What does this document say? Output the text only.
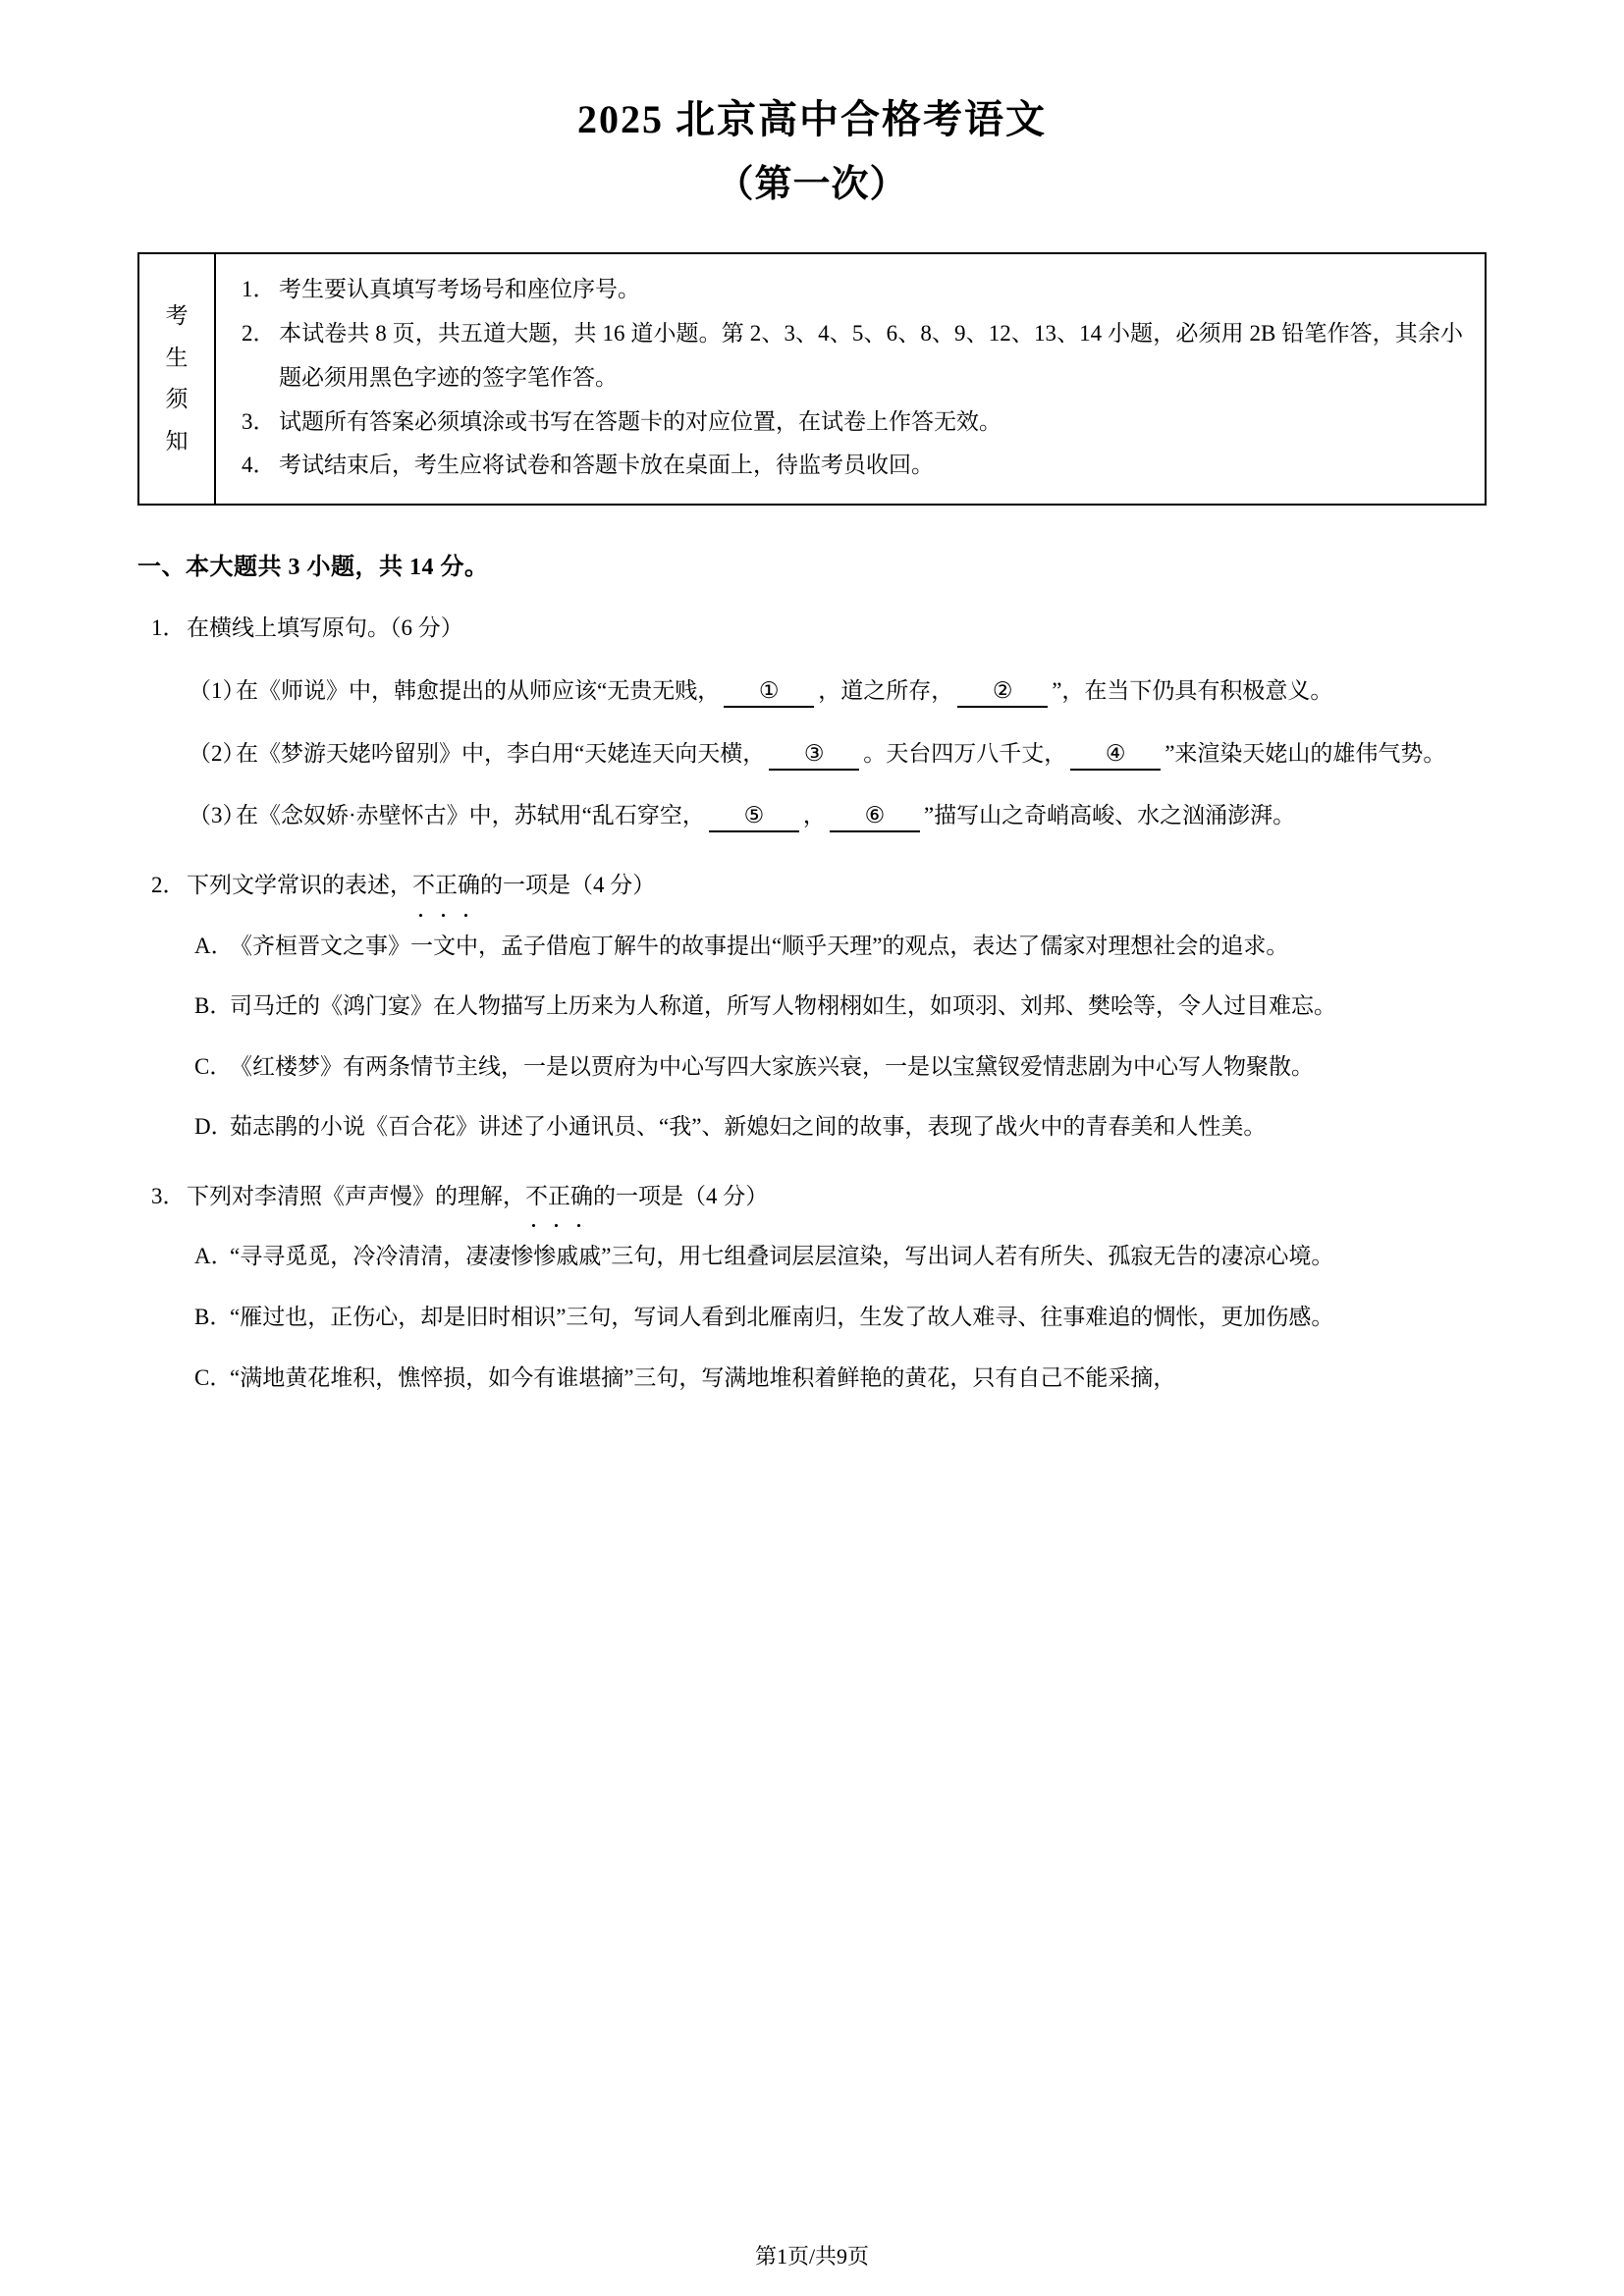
2025 北京高中合格考语文
（第一次）
考
生
须
知
1． 考生要认真填写考场号和座位序号。
2． 本试卷共 8 页，共五道大题，共 16 道小题。第 2、3、4、5、6、8、9、12、13、14 小题，必须用 2B 铅笔作答，其余小题必须用黑色字迹的签字笔作答。
3． 试题所有答案必须填涂或书写在答题卡的对应位置，在试卷上作答无效。
4． 考试结束后，考生应将试卷和答题卡放在桌面上，待监考员收回。
一、本大题共 3 小题，共 14 分。
1． 在横线上填写原句。（6 分）
（1）
在《师说》中，韩愈提出的从师应该“无贵无贱， ① ，道之所存， ② ”，在当下仍具有积极意义。
（2）
在《梦游天姥吟留别》中，李白用“天姥连天向天横， ③ 。天台四万八千丈， ④ ”来渲染天姥山的雄伟气势。
（3）
在《念奴娇·赤壁怀古》中，苏轼用“乱石穿空， ⑤ ， ⑥ ”描写山之奇峭高峻、水之汹涌澎湃。
2． 下列文学常识的表述，不正确 ・・・的一项是（4 分）
A．
《齐桓晋文之事》一文中，孟子借庖丁解牛的故事提出“顺乎天理”的观点，表达了儒家对理想社会的追求。
B．
司马迁的《鸿门宴》在人物描写上历来为人称道，所写人物栩栩如生，如项羽、刘邦、樊哙等，令人过目难忘。
C．
《红楼梦》有两条情节主线，一是以贾府为中心写四大家族兴衰，一是以宝黛钗爱情悲剧为中心写人物聚散。
D．
茹志鹃的小说《百合花》讲述了小通讯员、“我”、新媳妇之间的故事，表现了战火中的青春美和人性美。
3． 下列对李清照《声声慢》的理解，不正确 ・・・的一项是（4 分）
A．
“寻寻觅觅，冷冷清清，凄凄惨惨戚戚”三句，用七组叠词层层渲染，写出词人若有所失、孤寂无告的凄凉心境。
B．
“雁过也，正伤心，却是旧时相识”三句，写词人看到北雁南归，生发了故人难寻、往事难追的惆怅，更加伤感。
C．
“满地黄花堆积，憔悴损，如今有谁堪摘”三句，写满地堆积着鲜艳的黄花，只有自己不能采摘，
第1页/共9页
